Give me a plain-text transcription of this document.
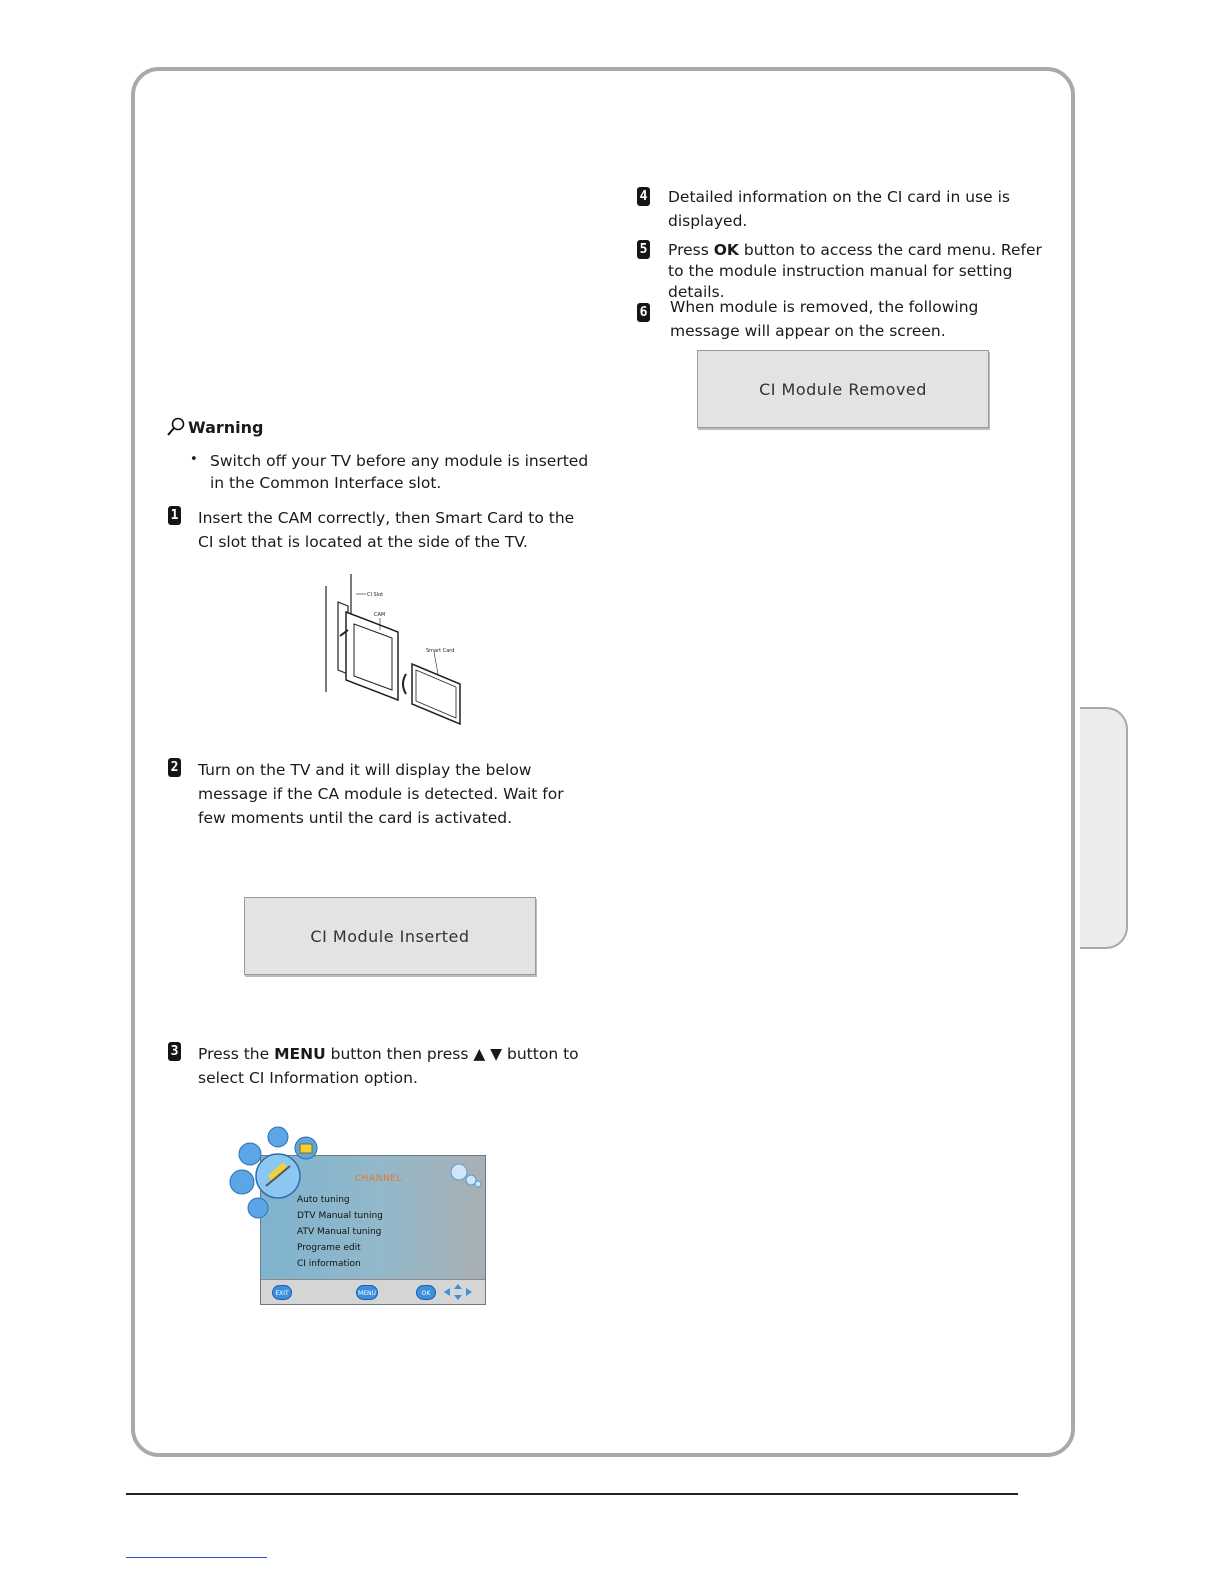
Warning
• Switch off your TV before any module is inserted in the Common Interface slot.
1 Insert the CAM correctly, then Smart Card to the CI slot that is located at the side of the TV.
CI Slot
CAM
Smart Card
2 Turn on the TV and it will display the below message if the CA module is detected. Wait for few moments until the card is activated.
CI Module Inserted
3 Press the MENU button then press ▲ ▼ button to select CI Information option.
CHANNEL
Auto tuning
DTV Manual tuning
ATV Manual tuning
Programe edit
CI information
EXIT	MENU	OK
4 Detailed information on the CI card in use is displayed.
5 Press OK button to access the card menu. Refer to the module instruction manual for setting details.
6 When module is removed, the following message will appear on the screen.
CI Module Removed
